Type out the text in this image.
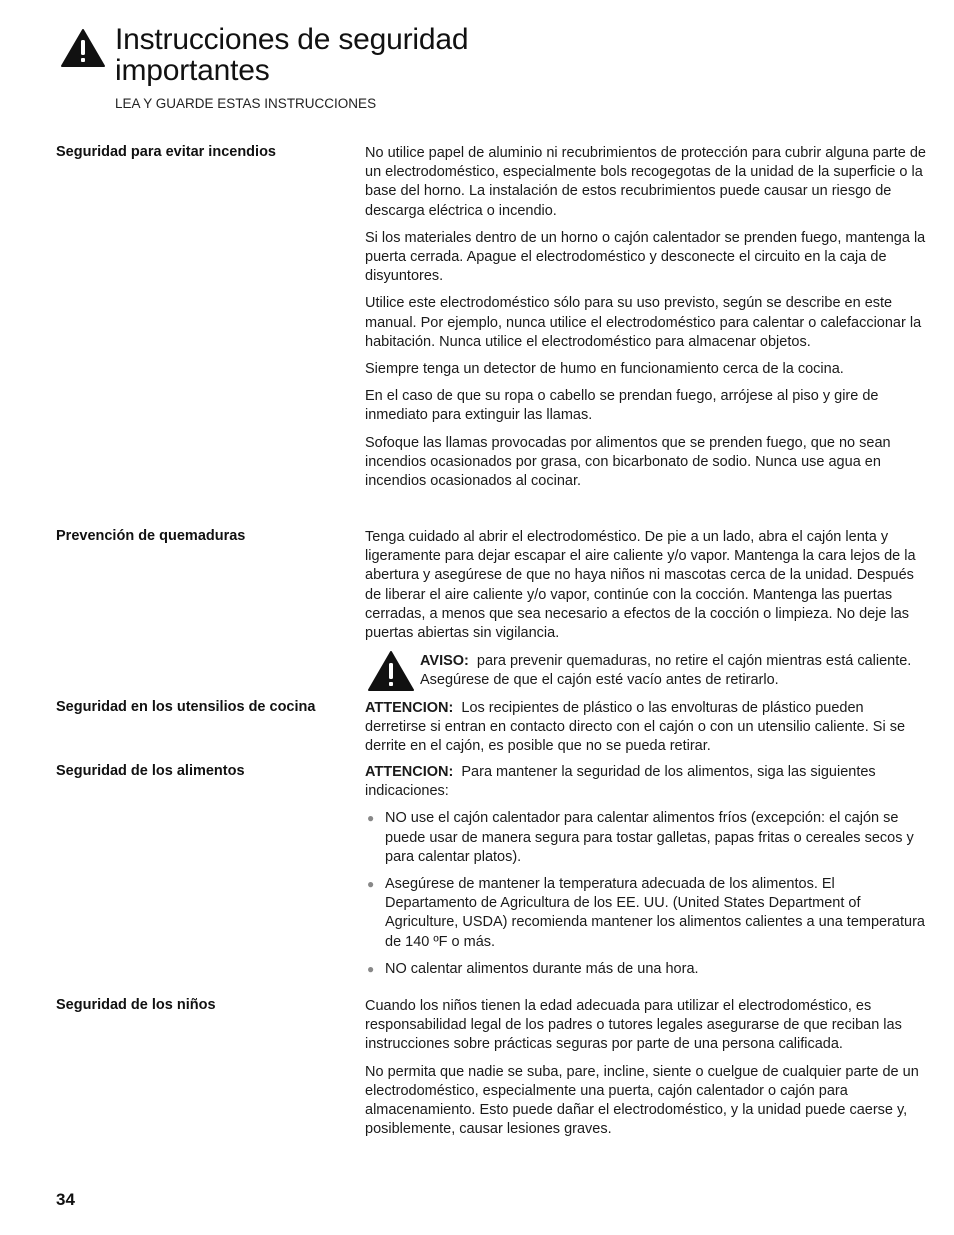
Instrucciones de seguridad
importantes

LEA Y GUARDE ESTAS INSTRUCCIONES

Seguridad para evitar incendios	No utilice papel de aluminio ni recubrimientos de protección para cubrir alguna parte de un electrodoméstico, especialmente bols recogegotas de la unidad de la superficie o la base del horno. La instalación de estos recubrimientos puede causar un riesgo de descarga eléctrica o incendio.

Si los materiales dentro de un horno o cajón calentador se prenden fuego, mantenga la puerta cerrada. Apague el electrodoméstico y desconecte el circuito en la caja de disyuntores.

Utilice este electrodoméstico sólo para su uso previsto, según se describe en este manual. Por ejemplo, nunca utilice el electrodoméstico para calentar o calefaccionar la habitación. Nunca utilice el electrodoméstico para almacenar objetos.

Siempre tenga un detector de humo en funcionamiento cerca de la cocina.

En el caso de que su ropa o cabello se prendan fuego, arrójese al piso y gire de inmediato para extinguir las llamas.

Sofoque las llamas provocadas por alimentos que se prenden fuego, que no sean incendios ocasionados por grasa, con bicarbonato de sodio. Nunca use agua en incendios ocasionados al cocinar.

Prevención de quemaduras	Tenga cuidado al abrir el electrodoméstico. De pie a un lado, abra el cajón lenta y ligeramente para dejar escapar el aire caliente y/o vapor. Mantenga la cara lejos de la abertura y asegúrese de que no haya niños ni mascotas cerca de la unidad. Después de liberar el aire caliente y/o vapor, continúe con la cocción. Mantenga las puertas cerradas, a menos que sea necesario a efectos de la cocción o limpieza. No deje las puertas abiertas sin vigilancia.

AVISO: para prevenir quemaduras, no retire el cajón mientras está caliente. Asegúrese de que el cajón esté vacío antes de retirarlo.

Seguridad en los utensilios de cocina	ATTENCION: Los recipientes de plástico o las envolturas de plástico pueden derretirse si entran en contacto directo con el cajón o con un utensilio caliente. Si se derrite en el cajón, es posible que no se pueda retirar.

Seguridad de los alimentos	ATTENCION: Para mantener la seguridad de los alimentos, siga las siguientes indicaciones:

● NO use el cajón calentador para calentar alimentos fríos (excepción: el cajón se puede usar de manera segura para tostar galletas, papas fritas o cereales secos y para calentar platos).
● Asegúrese de mantener la temperatura adecuada de los alimentos. El Departamento de Agricultura de los EE. UU. (United States Department of Agriculture, USDA) recomienda mantener los alimentos calientes a una temperatura de 140 ºF o más.
● NO calentar alimentos durante más de una hora.

Seguridad de los niños	Cuando los niños tienen la edad adecuada para utilizar el electrodoméstico, es responsabilidad legal de los padres o tutores legales asegurarse de que reciban las instrucciones sobre prácticas seguras por parte de una persona calificada.

No permita que nadie se suba, pare, incline, siente o cuelgue de cualquier parte de un electrodoméstico, especialmente una puerta, cajón calentador o cajón para almacenamiento. Esto puede dañar el electrodoméstico, y la unidad puede caerse y, posiblemente, causar lesiones graves.

34
